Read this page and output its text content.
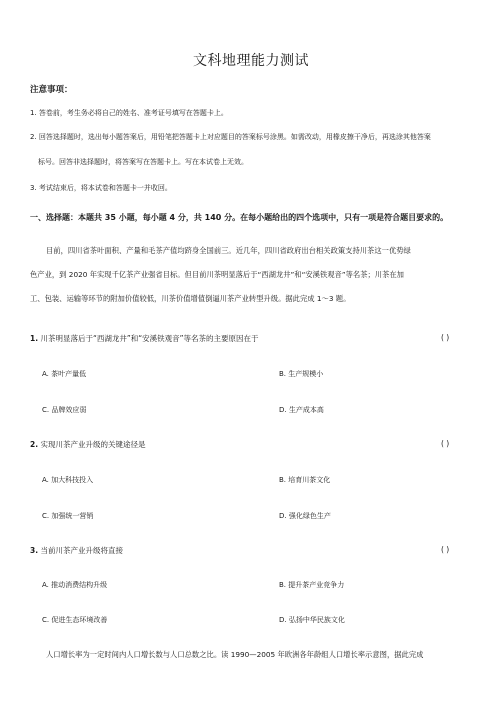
文科地理能力测试
注意事项：
1. 答卷前，考生务必将自己的姓名、准考证号填写在答题卡上。
2. 回答选择题时，选出每小题答案后，用铅笔把答题卡上对应题目的答案标号涂黑。如需改动，用橡皮擦干净后，再选涂其他答案
标号。回答非选择题时，将答案写在答题卡上。写在本试卷上无效。
3. 考试结束后，将本试卷和答题卡一并收回。
一、选择题：本题共 35 小题，每小题 4 分，共 140 分。在每小题给出的四个选项中，只有一项是符合题目要求的。
目前，四川省茶叶面积、产量和毛茶产值均跻身全国前三。近几年，四川省政府出台相关政策支持川茶这一优势绿
色产业，到 2020 年实现千亿茶产业强省目标。但目前川茶明显落后于“西湖龙井”和“安溪铁观音”等名茶；川茶在加
工、包装、运输等环节的附加价值较低，川茶价值增值倒逼川茶产业转型升级。据此完成 1～3 题。
1. 川茶明显落后于“西湖龙井”和“安溪铁观音”等名茶的主要原因在于	( )
A. 茶叶产量低	B. 生产规模小
C. 品牌效应弱	D. 生产成本高
2. 实现川茶产业升级的关键途径是	( )
A. 加大科技投入	B. 培育川茶文化
C. 加强统一营销	D. 强化绿色生产
3. 当前川茶产业升级将直接	( )
A. 推动消费结构升级	B. 提升茶产业竞争力
C. 促进生态环境改善	D. 弘扬中华民族文化
人口增长率为一定时间内人口增长数与人口总数之比。读 1990—2005 年欧洲各年龄组人口增长率示意图，据此完成
